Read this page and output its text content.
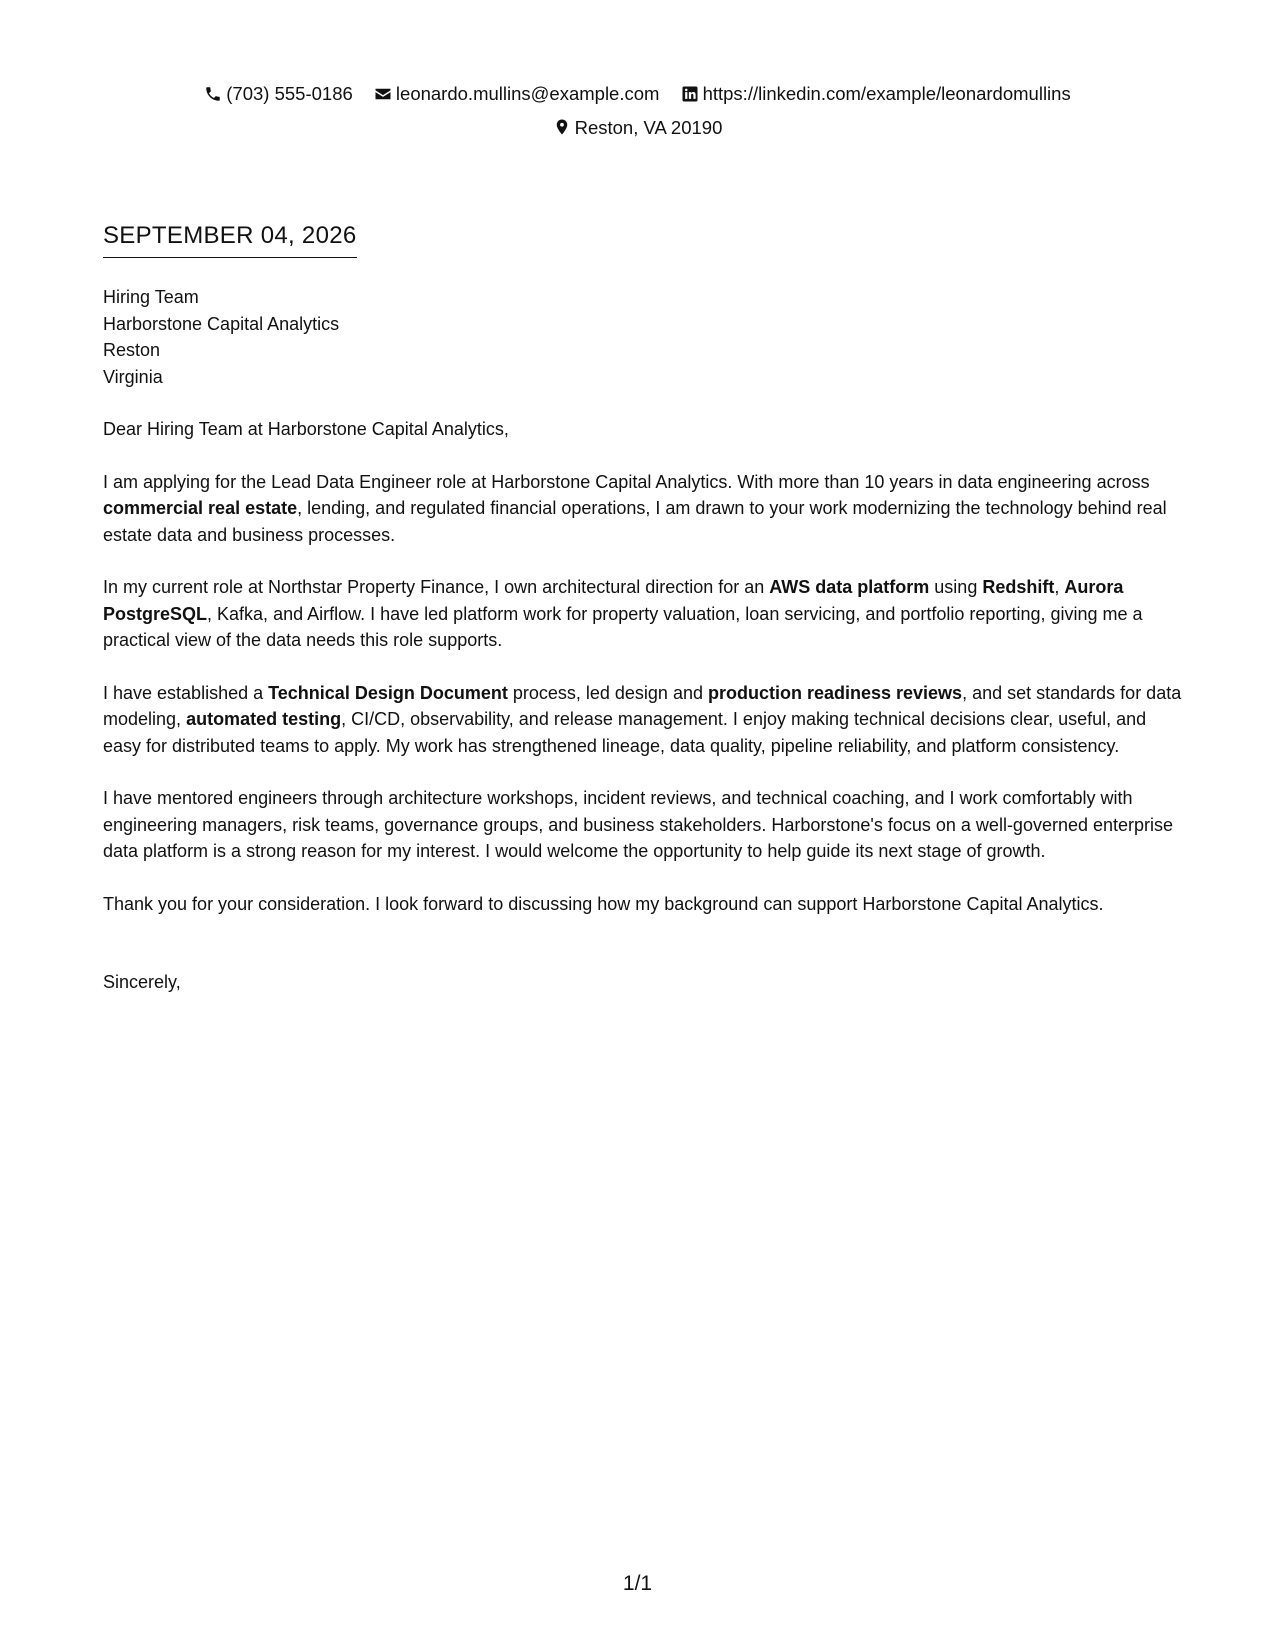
(703) 555-0186
leonardo.mullins@example.com
https://linkedin.com/example/leonardomullins

Reston, VA 20190
SEPTEMBER 04, 2026
Hiring Team
Harborstone Capital Analytics
Reston
Virginia

Dear Hiring Team at Harborstone Capital Analytics,

I am applying for the Lead Data Engineer role at Harborstone Capital Analytics. With more than 10 years in data engineering across commercial real estate, lending, and regulated financial operations, I am drawn to your work modernizing the technology behind real estate data and business processes.

In my current role at Northstar Property Finance, I own architectural direction for an AWS data platform using Redshift, Aurora PostgreSQL, Kafka, and Airflow. I have led platform work for property valuation, loan servicing, and portfolio reporting, giving me a practical view of the data needs this role supports.

I have established a Technical Design Document process, led design and production readiness reviews, and set standards for data modeling, automated testing, CI/CD, observability, and release management. I enjoy making technical decisions clear, useful, and easy for distributed teams to apply. My work has strengthened lineage, data quality, pipeline reliability, and platform consistency.

I have mentored engineers through architecture workshops, incident reviews, and technical coaching, and I work comfortably with engineering managers, risk teams, governance groups, and business stakeholders. Harborstone's focus on a well-governed enterprise data platform is a strong reason for my interest. I would welcome the opportunity to help guide its next stage of growth.

Thank you for your consideration. I look forward to discussing how my background can support Harborstone Capital Analytics.

Sincerely,

1/1
